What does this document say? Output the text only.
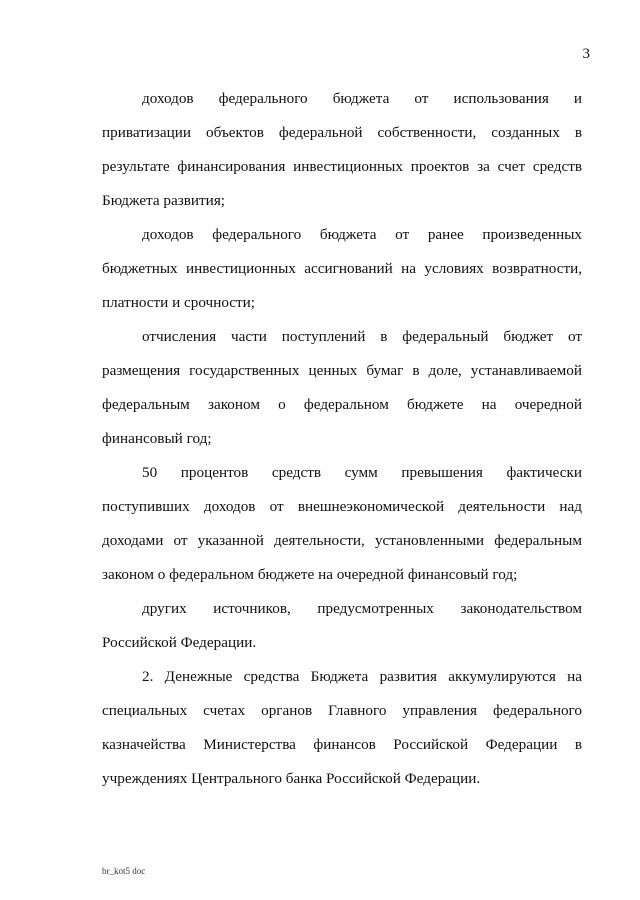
3
доходов федерального бюджета от использования и
приватизации объектов федеральной собственности, созданных в
результате финансирования инвестиционных проектов за счет средств
Бюджета развития;
доходов федерального бюджета от ранее произведенных
бюджетных инвестиционных ассигнований на условиях возвратности,
платности и срочности;
отчисления части поступлений в федеральный бюджет от
размещения государственных ценных бумаг в доле, устанавливаемой
федеральным законом о федеральном бюджете на очередной
финансовый год;
50 процентов средств сумм превышения фактически
поступивших доходов от внешнеэкономической деятельности над
доходами от указанной деятельности, установленными федеральным
законом о федеральном бюджете на очередной финансовый год;
других источников, предусмотренных законодательством
Российской Федерации.
2. Денежные средства Бюджета развития аккумулируются на
специальных счетах органов Главного управления федерального
казначейства Министерства финансов Российской Федерации в
учреждениях Центрального банка Российской Федерации.
br_kot5 doc
